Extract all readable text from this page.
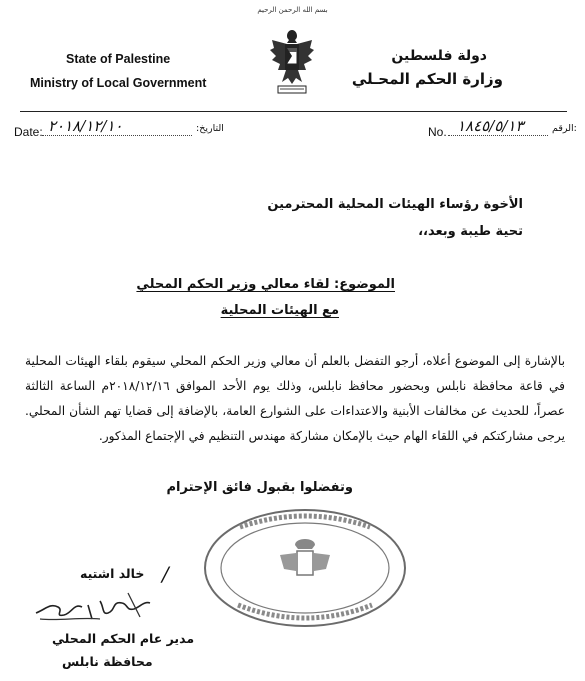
بسم الله الرحمن الرحيم
State of Palestine
Ministry of Local Government
دولة فلسطين
وزارة الحكم المحـلي
Date: ٢٠١٨/١٢/١٠	التاريخ:	No. ١٨٤٥/٥/١٣	الرقم:
الأخوة رؤساء الهيئات المحلية المحترمين
تحية طيبة وبعد،،
الموضوع: لقاء معالي وزير الحكم المحلي
مع الهيئات المحلية
بالإشارة إلى الموضوع أعلاه، أرجو التفضل بالعلم أن معالي وزير الحكم المحلي سيقوم بلقاء الهيئات المحلية في قاعة محافظة نابلس وبحضور محافظ نابلس، وذلك يوم الأحد الموافق ٢٠١٨/١٢/١٦م الساعة الثالثة عصراً، للحديث عن مخالفات الأبنية والاعتداءات على الشوارع العامة، بالإضافة إلى قضايا تهم الشأن المحلي. يرجى مشاركتكم في اللقاء الهام حيث بالإمكان مشاركة مهندس التنظيم في الإجتماع المذكور.
وتفضلوا بقبول فائق الإحترام
/
خالد اشتيه
مدير عام الحكم المحلي
محافظة نابلس
